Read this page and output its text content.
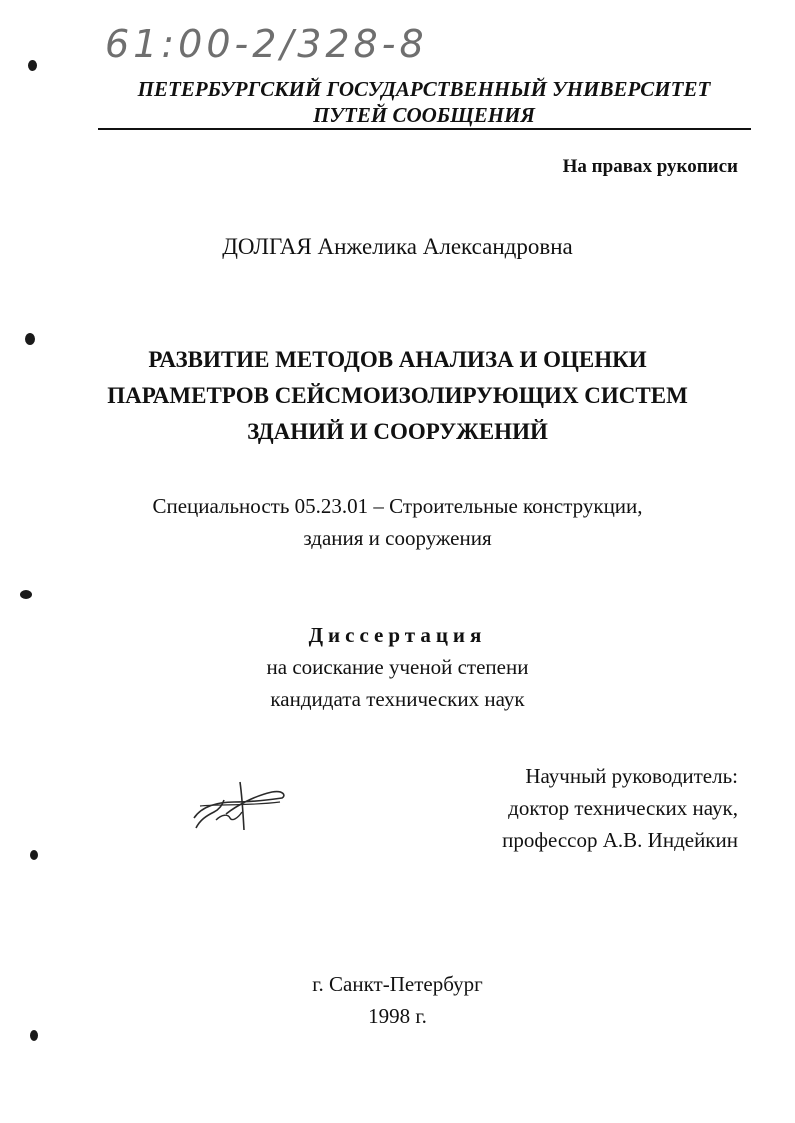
61:00-2/328-8
ПЕТЕРБУРГСКИЙ ГОСУДАРСТВЕННЫЙ УНИВЕРСИТЕТ
ПУТЕЙ СООБЩЕНИЯ
На правах рукописи
ДОЛГАЯ Анжелика Александровна
РАЗВИТИЕ МЕТОДОВ АНАЛИЗА И ОЦЕНКИ
ПАРАМЕТРОВ СЕЙСМОИЗОЛИРУЮЩИХ СИСТЕМ
ЗДАНИЙ И СООРУЖЕНИЙ
Специальность 05.23.01 – Строительные конструкции,
здания и сооружения
Диссертация
на соискание ученой степени
кандидата технических наук
Научный руководитель:
доктор технических наук,
профессор А.В. Индейкин
г. Санкт-Петербург
1998 г.
